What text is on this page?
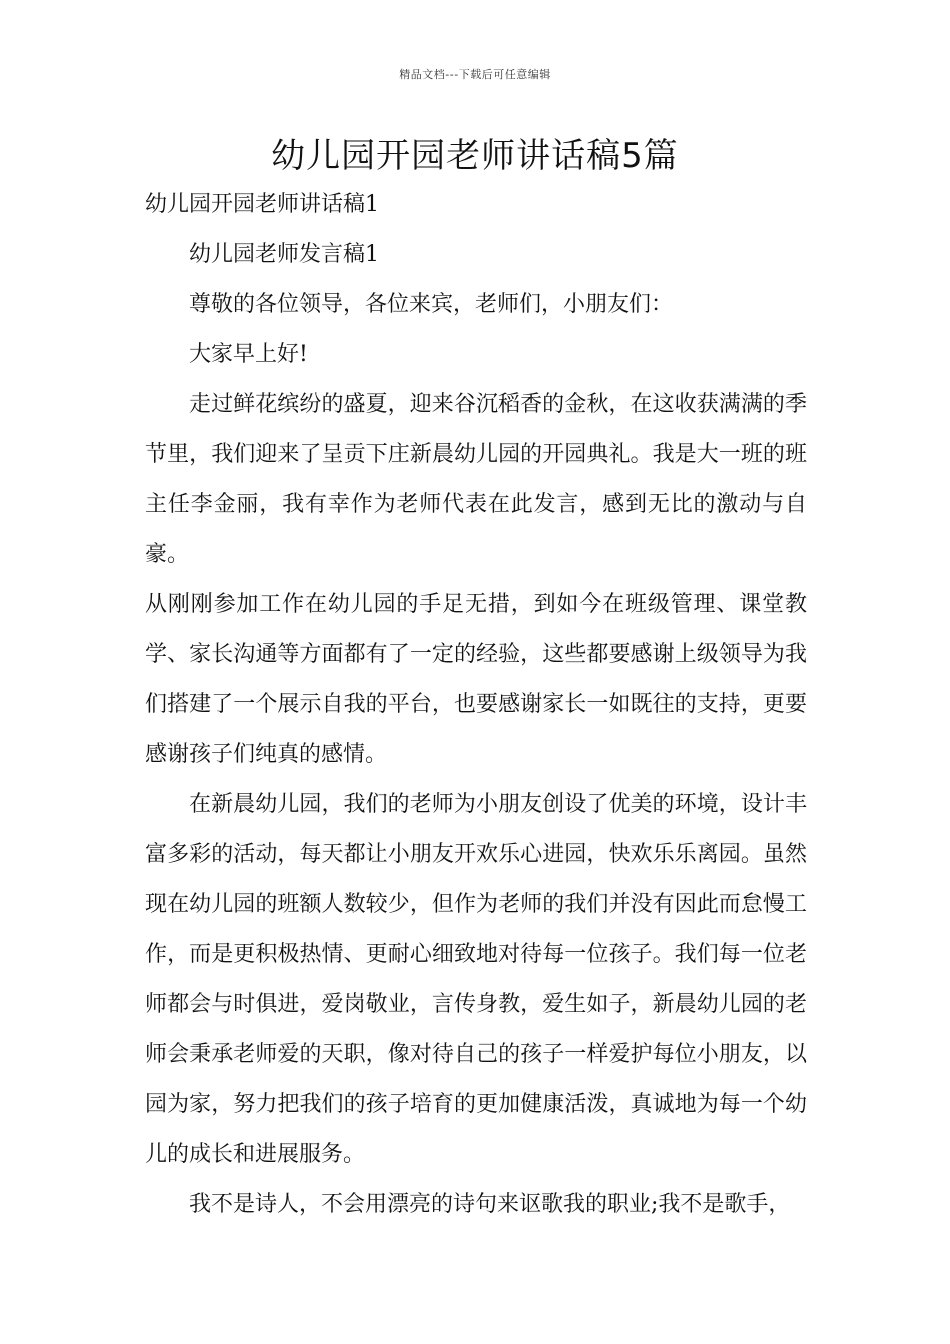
精品文档---下载后可任意编辑
幼儿园开园老师讲话稿5篇

幼儿园开园老师讲话稿1

幼儿园老师发言稿1

尊敬的各位领导，各位来宾，老师们，小朋友们：

大家早上好!

走过鲜花缤纷的盛夏，迎来谷沉稻香的金秋，在这收获满满的季节里，我们迎来了呈贡下庄新晨幼儿园的开园典礼。我是大一班的班主任李金丽，我有幸作为老师代表在此发言，感到无比的激动与自豪。

从刚刚参加工作在幼儿园的手足无措，到如今在班级管理、课堂教学、家长沟通等方面都有了一定的经验，这些都要感谢上级领导为我们搭建了一个展示自我的平台，也要感谢家长一如既往的支持，更要感谢孩子们纯真的感情。

在新晨幼儿园，我们的老师为小朋友创设了优美的环境，设计丰富多彩的活动，每天都让小朋友开欢乐心进园，快欢乐乐离园。虽然现在幼儿园的班额人数较少，但作为老师的我们并没有因此而怠慢工作，而是更积极热情、更耐心细致地对待每一位孩子。我们每一位老师都会与时俱进，爱岗敬业，言传身教，爱生如子，新晨幼儿园的老师会秉承老师爱的天职，像对待自己的孩子一样爱护每位小朋友，以园为家，努力把我们的孩子培育的更加健康活泼，真诚地为每一个幼儿的成长和进展服务。

我不是诗人，不会用漂亮的诗句来讴歌我的职业;我不是歌手，
